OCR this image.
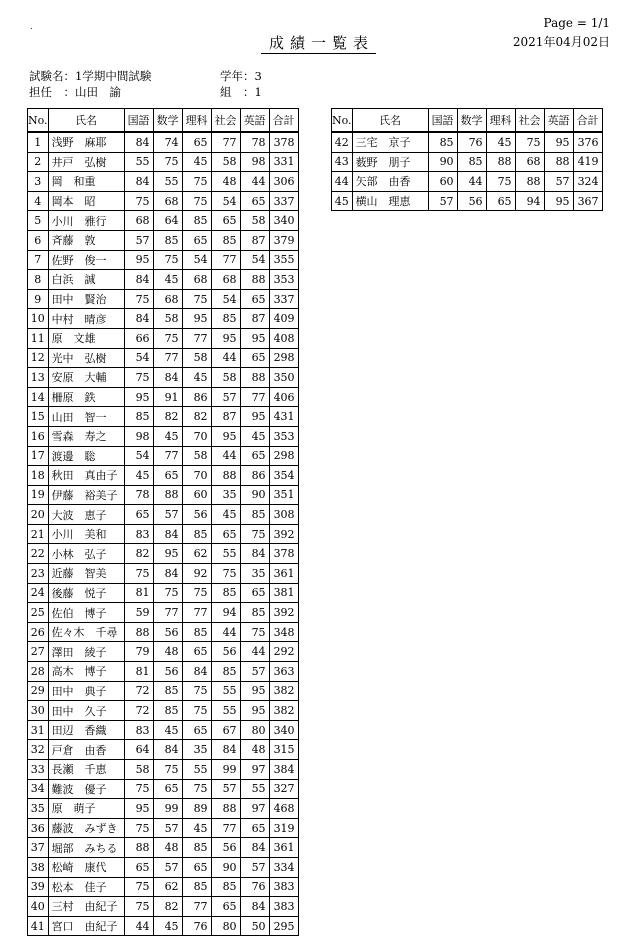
.	Page = 1/1
2021年04月02日
成績一覧表
試験名：1学期中間試験
担任　：山田　諭
学年：3
組　：1
No.	氏名	国語	数学	理科	社会	英語	合計
1	浅野　麻耶	84	74	65	77	78	378
2	井戸　弘樹	55	75	45	58	98	331
3	岡　和重	84	55	75	48	44	306
4	岡本　昭	75	68	75	54	65	337
5	小川　雅行	68	64	85	65	58	340
6	斉藤　敦	57	85	65	85	87	379
7	佐野　俊一	95	75	54	77	54	355
8	白浜　誠	84	45	68	68	88	353
9	田中　賢治	75	68	75	54	65	337
10	中村　晴彦	84	58	95	85	87	409
11	原　文雄	66	75	77	95	95	408
12	光中　弘樹	54	77	58	44	65	298
13	安原　大輔	75	84	45	58	88	350
14	柵原　鉄	95	91	86	57	77	406
15	山田　智一	85	82	82	87	95	431
16	雪森　寿之	98	45	70	95	45	353
17	渡邊　聡	54	77	58	44	65	298
18	秋田　真由子	45	65	70	88	86	354
19	伊藤　裕美子	78	88	60	35	90	351
20	大波　恵子	65	57	56	45	85	308
21	小川　美和	83	84	85	65	75	392
22	小林　弘子	82	95	62	55	84	378
23	近藤　智美	75	84	92	75	35	361
24	後藤　悦子	81	75	75	85	65	381
25	佐伯　博子	59	77	77	94	85	392
26	佐々木　千尋	88	56	85	44	75	348
27	澤田　綾子	79	48	65	56	44	292
28	高木　博子	81	56	84	85	57	363
29	田中　典子	72	85	75	55	95	382
30	田中　久子	72	85	75	55	95	382
31	田辺　香織	83	45	65	67	80	340
32	戸倉　由香	64	84	35	84	48	315
33	長瀬　千恵	58	75	55	99	97	384
34	難波　優子	75	65	75	57	55	327
35	原　萌子	95	99	89	88	97	468
36	藤波　みずき	75	57	45	77	65	319
37	堀部　みちる	88	48	85	56	84	361
38	松崎　康代	65	57	65	90	57	334
39	松本　佳子	75	62	85	85	76	383
40	三村　由紀子	75	82	77	65	84	383
41	宮口　由紀子	44	45	76	80	50	295
No.	氏名	国語	数学	理科	社会	英語	合計
42	三宅　京子	85	76	45	75	95	376
43	薮野　朋子	90	85	88	68	88	419
44	矢部　由香	60	44	75	88	57	324
45	横山　理恵	57	56	65	94	95	367
